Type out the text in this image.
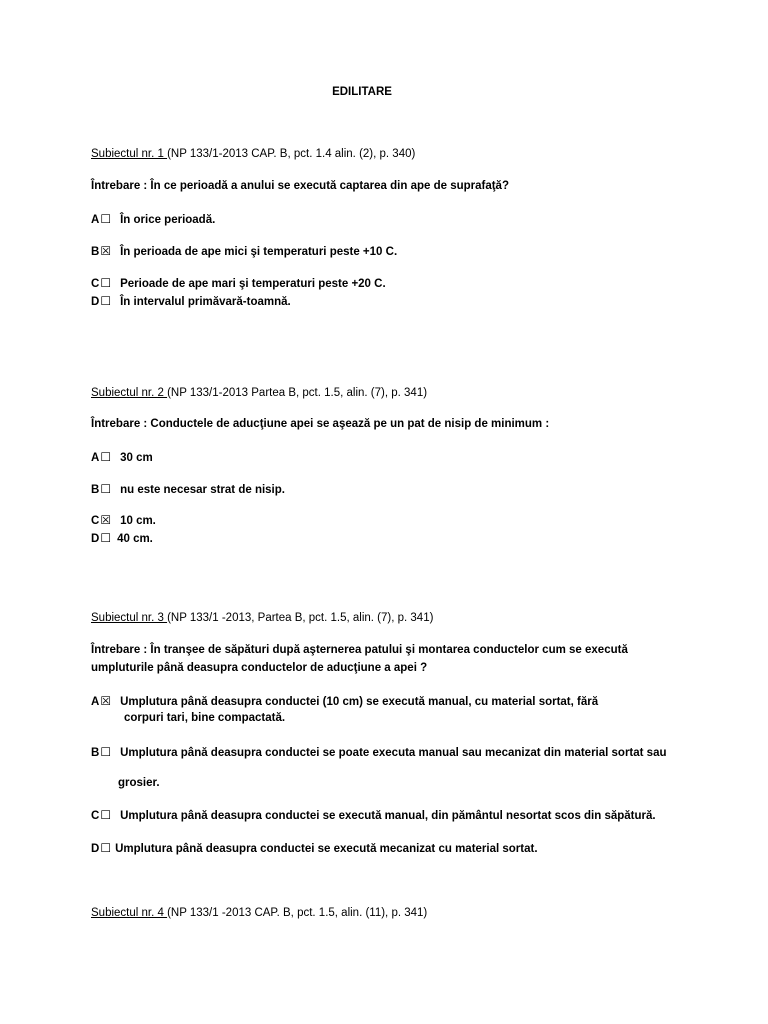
EDILITARE
Subiectul nr. 1 (NP 133/1-2013 CAP. B, pct. 1.4 alin. (2), p. 340)
Întrebare : În ce perioadă a anului se execută captarea din ape de suprafaţă?
A ☐ În orice perioadă.
B ☒ În perioada de ape mici şi temperaturi peste +10 C.
C ☐ Perioade de ape mari şi temperaturi peste +20 C.
D ☐ În intervalul primăvară-toamnă.
Subiectul nr. 2 (NP 133/1-2013 Partea B, pct. 1.5, alin. (7), p. 341)
Întrebare : Conductele de aducţiune apei se aşează pe un pat de nisip de minimum :
A ☐ 30 cm
B ☐ nu este necesar strat de nisip.
C ☒ 10 cm.
D ☐ 40 cm.
Subiectul nr. 3 (NP 133/1 -2013, Partea B, pct. 1.5, alin. (7), p. 341)
Întrebare : În tranşee de săpături după aşternerea patului şi montarea conductelor cum se execută
umpluturile până deasupra conductelor de aducţiune a apei ?
A ☒ Umplutura până deasupra conductei (10 cm) se execută manual, cu material sortat, fără
corpuri tari, bine compactată.
B ☐ Umplutura până deasupra conductei se poate executa manual sau mecanizat din material sortat sau
grosier.
C ☐ Umplutura până deasupra conductei se execută manual, din pământul nesortat scos din săpătură.
D ☐ Umplutura până deasupra conductei se execută mecanizat cu material sortat.
Subiectul nr. 4 (NP 133/1 -2013 CAP. B, pct. 1.5, alin. (11), p. 341)
